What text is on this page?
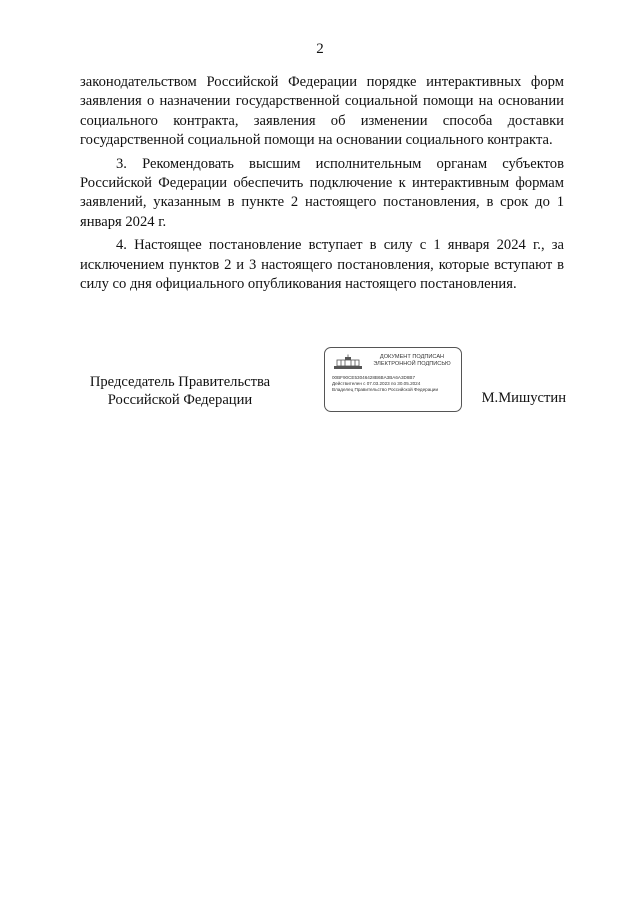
2

законодательством Российской Федерации порядке интерактивных форм заявления о назначении государственной социальной помощи на основании социального контракта, заявления об изменении способа доставки государственной социальной помощи на основании социального контракта.

3. Рекомендовать высшим исполнительным органам субъектов Российской Федерации обеспечить подключение к интерактивным формам заявлений, указанным в пункте 2 настоящего постановления, в срок до 1 января 2024 г.

4. Настоящее постановление вступает в силу с 1 января 2024 г., за исключением пунктов 2 и 3 настоящего постановления, которые вступают в силу со дня официального опубликования настоящего постановления.

Председатель Правительства
Российской Федерации
ДОКУМЕНТ ПОДПИСАН
ЭЛЕКТРОННОЙ ПОДПИСЬЮ
00BF90CE53046428B6BA3BA6A3D8B7
Действителен с 07.03.2023 по 30.05.2024
Владелец Правительство Российской Федерации
М.Мишустин
